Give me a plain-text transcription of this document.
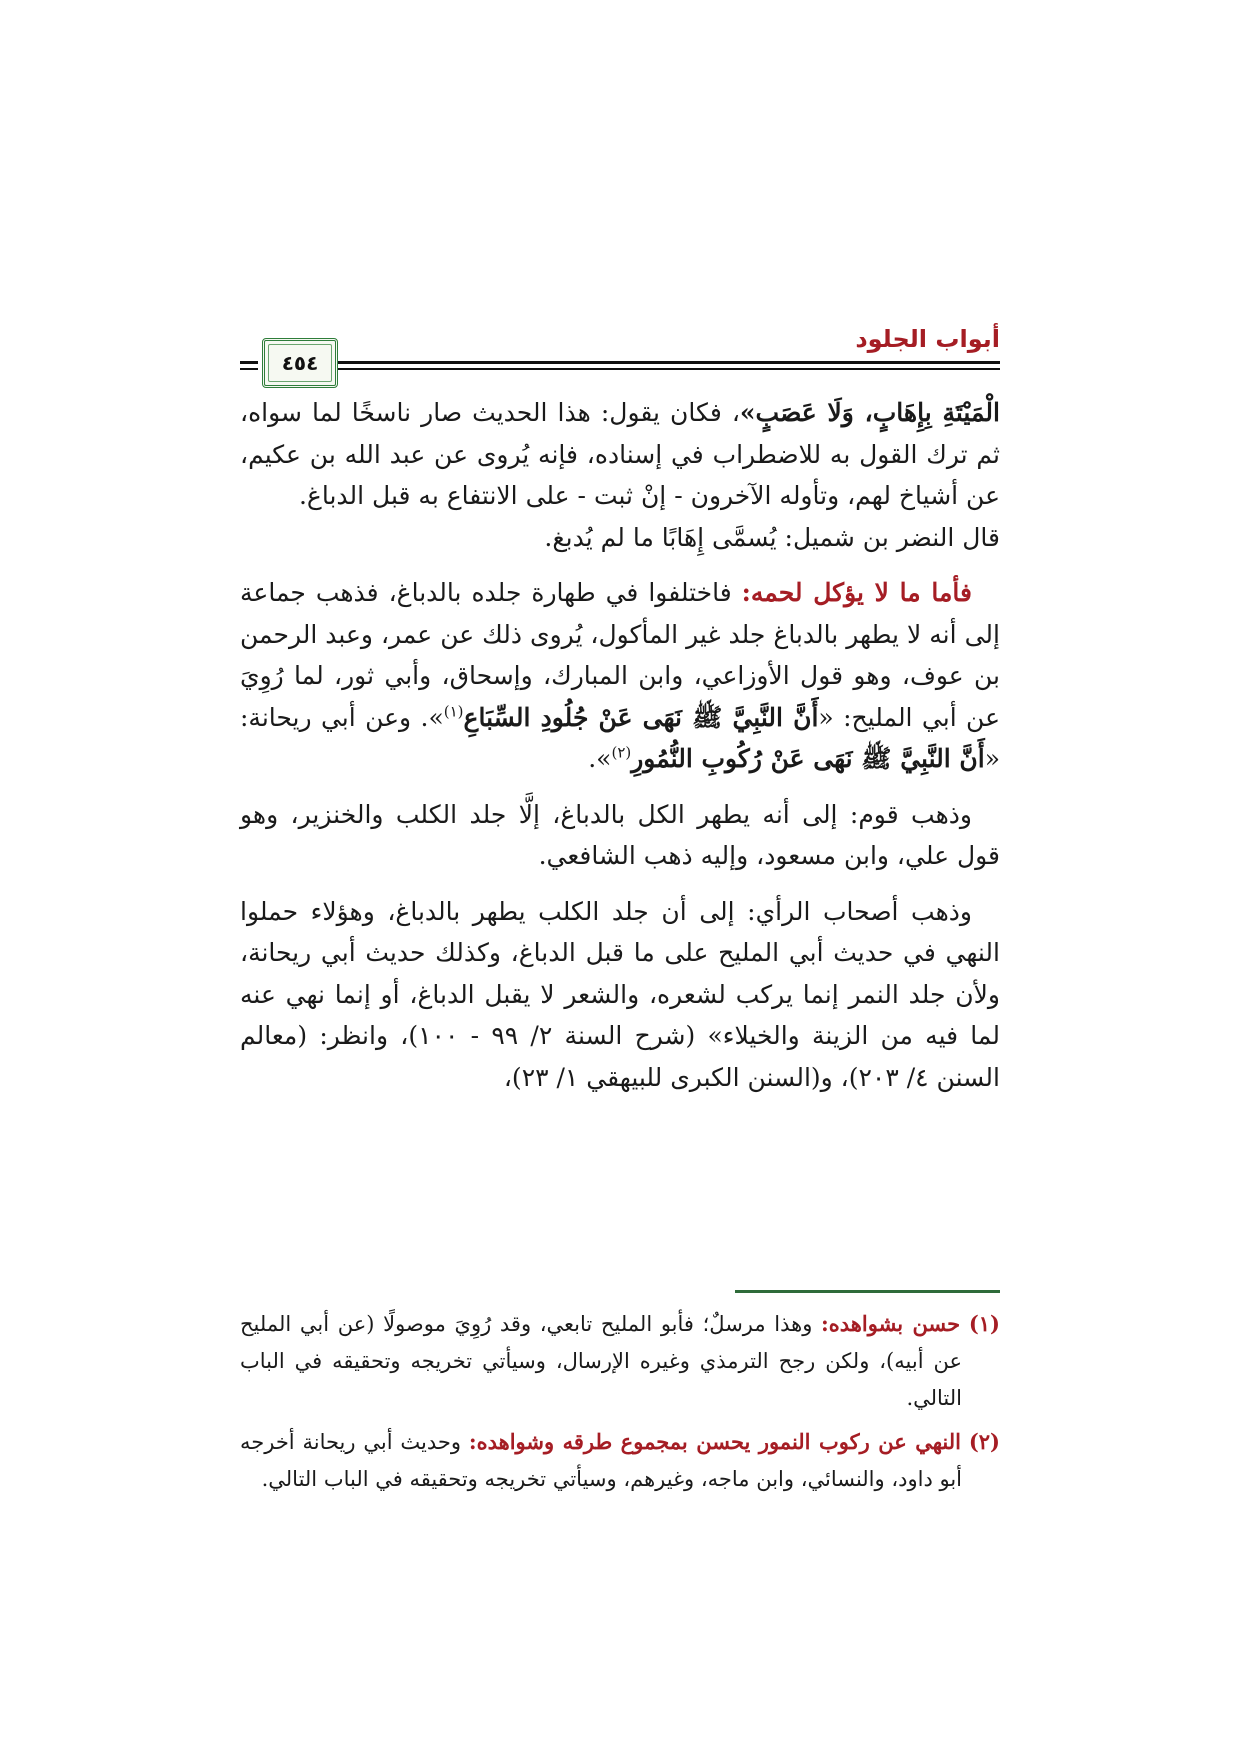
أبواب الجلود
٤٥٤

الْمَيْتَةِ بِإِهَابٍ، وَلَا عَصَبٍ»، فكان يقول: هذا الحديث صار ناسخًا لما سواه، ثم ترك القول به للاضطراب في إسناده، فإنه يُروى عن عبد الله بن عكيم، عن أشياخ لهم، وتأوله الآخرون - إنْ ثبت - على الانتفاع به قبل الدباغ.
قال النضر بن شميل: يُسمَّى إِهَابًا ما لم يُدبغ.

فأما ما لا يؤكل لحمه: فاختلفوا في طهارة جلده بالدباغ، فذهب جماعة إلى أنه لا يطهر بالدباغ جلد غير المأكول، يُروى ذلك عن عمر، وعبد الرحمن بن عوف، وهو قول الأوزاعي، وابن المبارك، وإسحاق، وأبي ثور، لما رُوِيَ عن أبي المليح: «أَنَّ النَّبِيَّ ﷺ نَهَى عَنْ جُلُودِ السِّبَاعِ$^{(١)}$». وعن أبي ريحانة: «أَنَّ النَّبِيَّ ﷺ نَهَى عَنْ رُكُوبِ النُّمُورِ$^{(٢)}$».

وذهب قوم: إلى أنه يطهر الكل بالدباغ، إلَّا جلد الكلب والخنزير، وهو قول علي، وابن مسعود، وإليه ذهب الشافعي.

وذهب أصحاب الرأي: إلى أن جلد الكلب يطهر بالدباغ، وهؤلاء حملوا النهي في حديث أبي المليح على ما قبل الدباغ، وكذلك حديث أبي ريحانة، ولأن جلد النمر إنما يركب لشعره، والشعر لا يقبل الدباغ، أو إنما نهي عنه لما فيه من الزينة والخيلاء» (شرح السنة ٢/ ٩٩ - ١٠٠)، وانظر: (معالم السنن ٤/ ٢٠٣)، و(السنن الكبرى للبيهقي ١/ ٢٣)،

(١) حسن بشواهده: وهذا مرسلٌ؛ فأبو المليح تابعي، وقد رُوِيَ موصولًا (عن أبي المليح عن أبيه)، ولكن رجح الترمذي وغيره الإرسال، وسيأتي تخريجه وتحقيقه في الباب التالي.

(٢) النهي عن ركوب النمور يحسن بمجموع طرقه وشواهده: وحديث أبي ريحانة أخرجه أبو داود، والنسائي، وابن ماجه، وغيرهم، وسيأتي تخريجه وتحقيقه في الباب التالي.
